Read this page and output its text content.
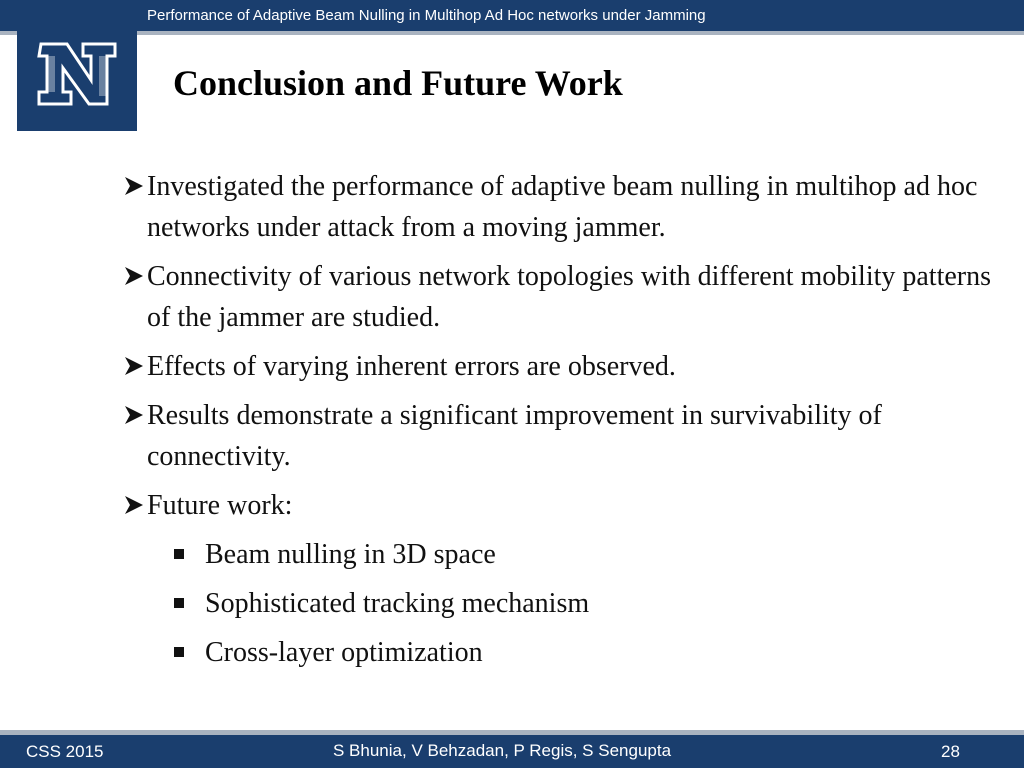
Performance of Adaptive Beam Nulling in Multihop Ad Hoc networks under Jamming
Conclusion and Future Work
Investigated the performance of adaptive beam nulling in multihop ad hoc networks under attack from a moving jammer.
Connectivity of various network topologies with different mobility patterns of the jammer are studied.
Effects of varying inherent errors are observed.
Results demonstrate a significant improvement in survivability of connectivity.
Future work:
Beam nulling in 3D space
Sophisticated tracking mechanism
Cross-layer optimization
CSS 2015	S Bhunia, V Behzadan, P Regis, S Sengupta	28
